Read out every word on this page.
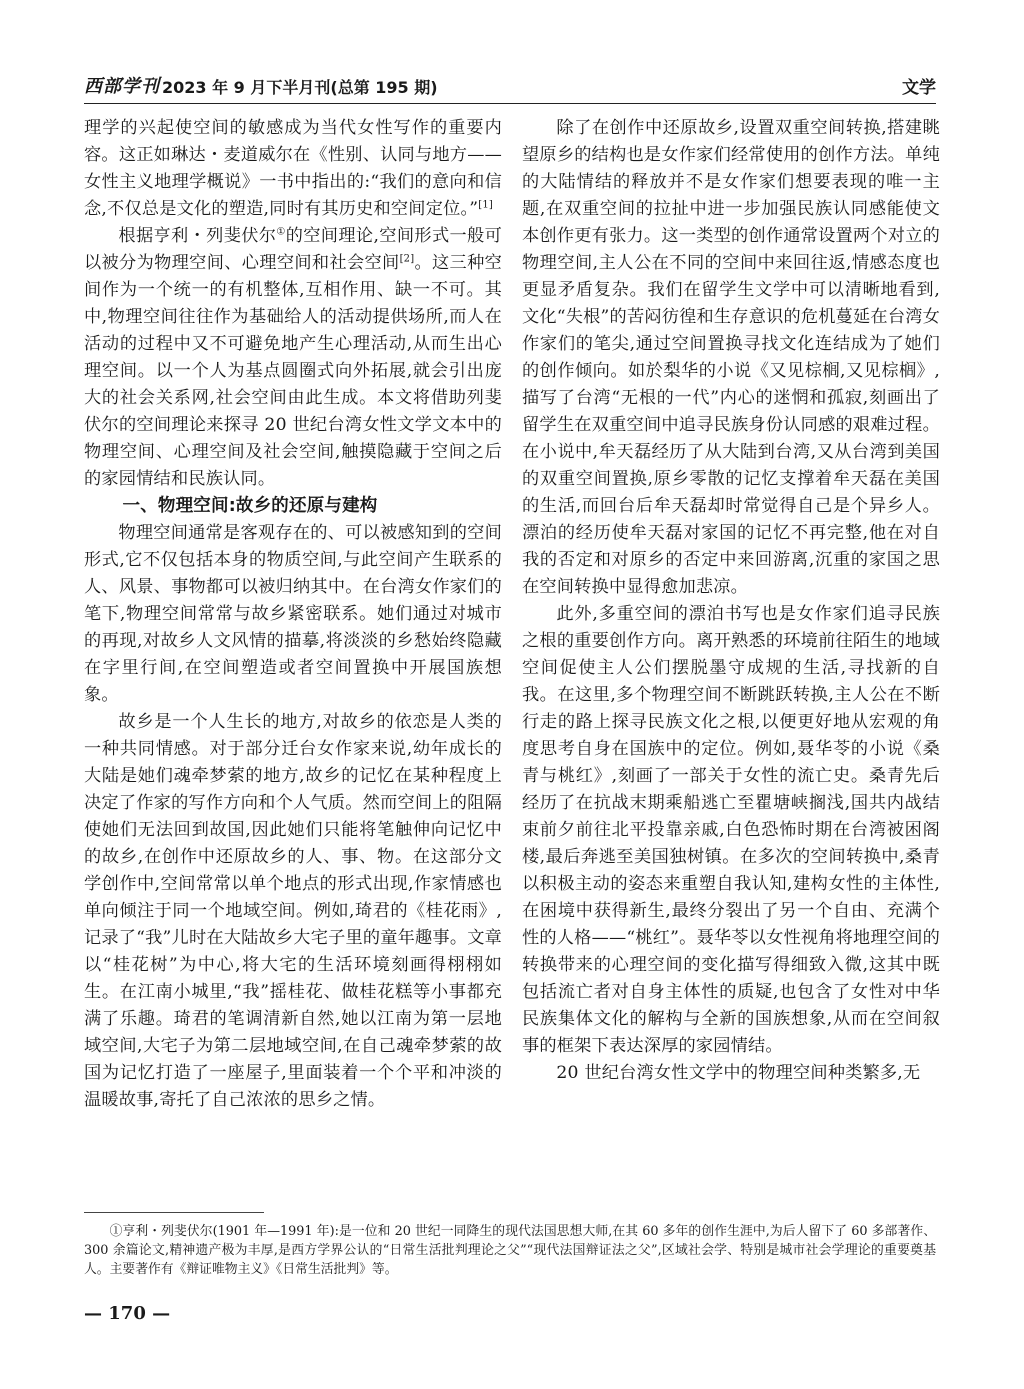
西部学刊 2023 年 9 月下半月刊(总第 195 期)	文学

理学的兴起使空间的敏感成为当代女性写作的重要内容。这正如琳达・麦道威尔在《性别、认同与地方——女性主义地理学概说》一书中指出的:“我们的意向和信念,不仅总是文化的塑造,同时有其历史和空间定位。”[1]

根据亨利・列斐伏尔①的空间理论,空间形式一般可以被分为物理空间、心理空间和社会空间[2]。这三种空间作为一个统一的有机整体,互相作用、缺一不可。其中,物理空间往往作为基础给人的活动提供场所,而人在活动的过程中又不可避免地产生心理活动,从而生出心理空间。以一个人为基点圆圈式向外拓展,就会引出庞大的社会关系网,社会空间由此生成。本文将借助列斐伏尔的空间理论来探寻 20 世纪台湾女性文学文本中的物理空间、心理空间及社会空间,触摸隐藏于空间之后的家园情结和民族认同。

一、物理空间:故乡的还原与建构

物理空间通常是客观存在的、可以被感知到的空间形式,它不仅包括本身的物质空间,与此空间产生联系的人、风景、事物都可以被归纳其中。在台湾女作家们的笔下,物理空间常常与故乡紧密联系。她们通过对城市的再现,对故乡人文风情的描摹,将淡淡的乡愁始终隐藏在字里行间,在空间塑造或者空间置换中开展国族想象。

故乡是一个人生长的地方,对故乡的依恋是人类的一种共同情感。对于部分迁台女作家来说,幼年成长的大陆是她们魂牵梦萦的地方,故乡的记忆在某种程度上决定了作家的写作方向和个人气质。然而空间上的阻隔使她们无法回到故国,因此她们只能将笔触伸向记忆中的故乡,在创作中还原故乡的人、事、物。在这部分文学创作中,空间常常以单个地点的形式出现,作家情感也单向倾注于同一个地域空间。例如,琦君的《桂花雨》,记录了“我”儿时在大陆故乡大宅子里的童年趣事。文章以“桂花树”为中心,将大宅的生活环境刻画得栩栩如生。在江南小城里,“我”摇桂花、做桂花糕等小事都充满了乐趣。琦君的笔调清新自然,她以江南为第一层地域空间,大宅子为第二层地域空间,在自己魂牵梦萦的故国为记忆打造了一座屋子,里面装着一个个平和冲淡的温暖故事,寄托了自己浓浓的思乡之情。

除了在创作中还原故乡,设置双重空间转换,搭建眺望原乡的结构也是女作家们经常使用的创作方法。单纯的大陆情结的释放并不是女作家们想要表现的唯一主题,在双重空间的拉扯中进一步加强民族认同感能使文本创作更有张力。这一类型的创作通常设置两个对立的物理空间,主人公在不同的空间中来回往返,情感态度也更显矛盾复杂。我们在留学生文学中可以清晰地看到,文化“失根”的苦闷彷徨和生存意识的危机蔓延在台湾女作家们的笔尖,通过空间置换寻找文化连结成为了她们的创作倾向。如於梨华的小说《又见棕榈,又见棕榈》,描写了台湾“无根的一代”内心的迷惘和孤寂,刻画出了留学生在双重空间中追寻民族身份认同感的艰难过程。在小说中,牟天磊经历了从大陆到台湾,又从台湾到美国的双重空间置换,原乡零散的记忆支撑着牟天磊在美国的生活,而回台后牟天磊却时常觉得自己是个异乡人。漂泊的经历使牟天磊对家国的记忆不再完整,他在对自我的否定和对原乡的否定中来回游离,沉重的家国之思在空间转换中显得愈加悲凉。

此外,多重空间的漂泊书写也是女作家们追寻民族之根的重要创作方向。离开熟悉的环境前往陌生的地域空间促使主人公们摆脱墨守成规的生活,寻找新的自我。在这里,多个物理空间不断跳跃转换,主人公在不断行走的路上探寻民族文化之根,以便更好地从宏观的角度思考自身在国族中的定位。例如,聂华苓的小说《桑青与桃红》,刻画了一部关于女性的流亡史。桑青先后经历了在抗战末期乘船逃亡至瞿塘峡搁浅,国共内战结束前夕前往北平投靠亲戚,白色恐怖时期在台湾被困阁楼,最后奔逃至美国独树镇。在多次的空间转换中,桑青以积极主动的姿态来重塑自我认知,建构女性的主体性,在困境中获得新生,最终分裂出了另一个自由、充满个性的人格——“桃红”。聂华苓以女性视角将地理空间的转换带来的心理空间的变化描写得细致入微,这其中既包括流亡者对自身主体性的质疑,也包含了女性对中华民族集体文化的解构与全新的国族想象,从而在空间叙事的框架下表达深厚的家园情结。

20 世纪台湾女性文学中的物理空间种类繁多,无

①亨利・列斐伏尔(1901 年—1991 年):是一位和 20 世纪一同降生的现代法国思想大师,在其 60 多年的创作生涯中,为后人留下了 60 多部著作、300 余篇论文,精神遗产极为丰厚,是西方学界公认的“日常生活批判理论之父”“现代法国辩证法之父”,区域社会学、特别是城市社会学理论的重要奠基人。主要著作有《辩证唯物主义》《日常生活批判》等。

— 170 —
